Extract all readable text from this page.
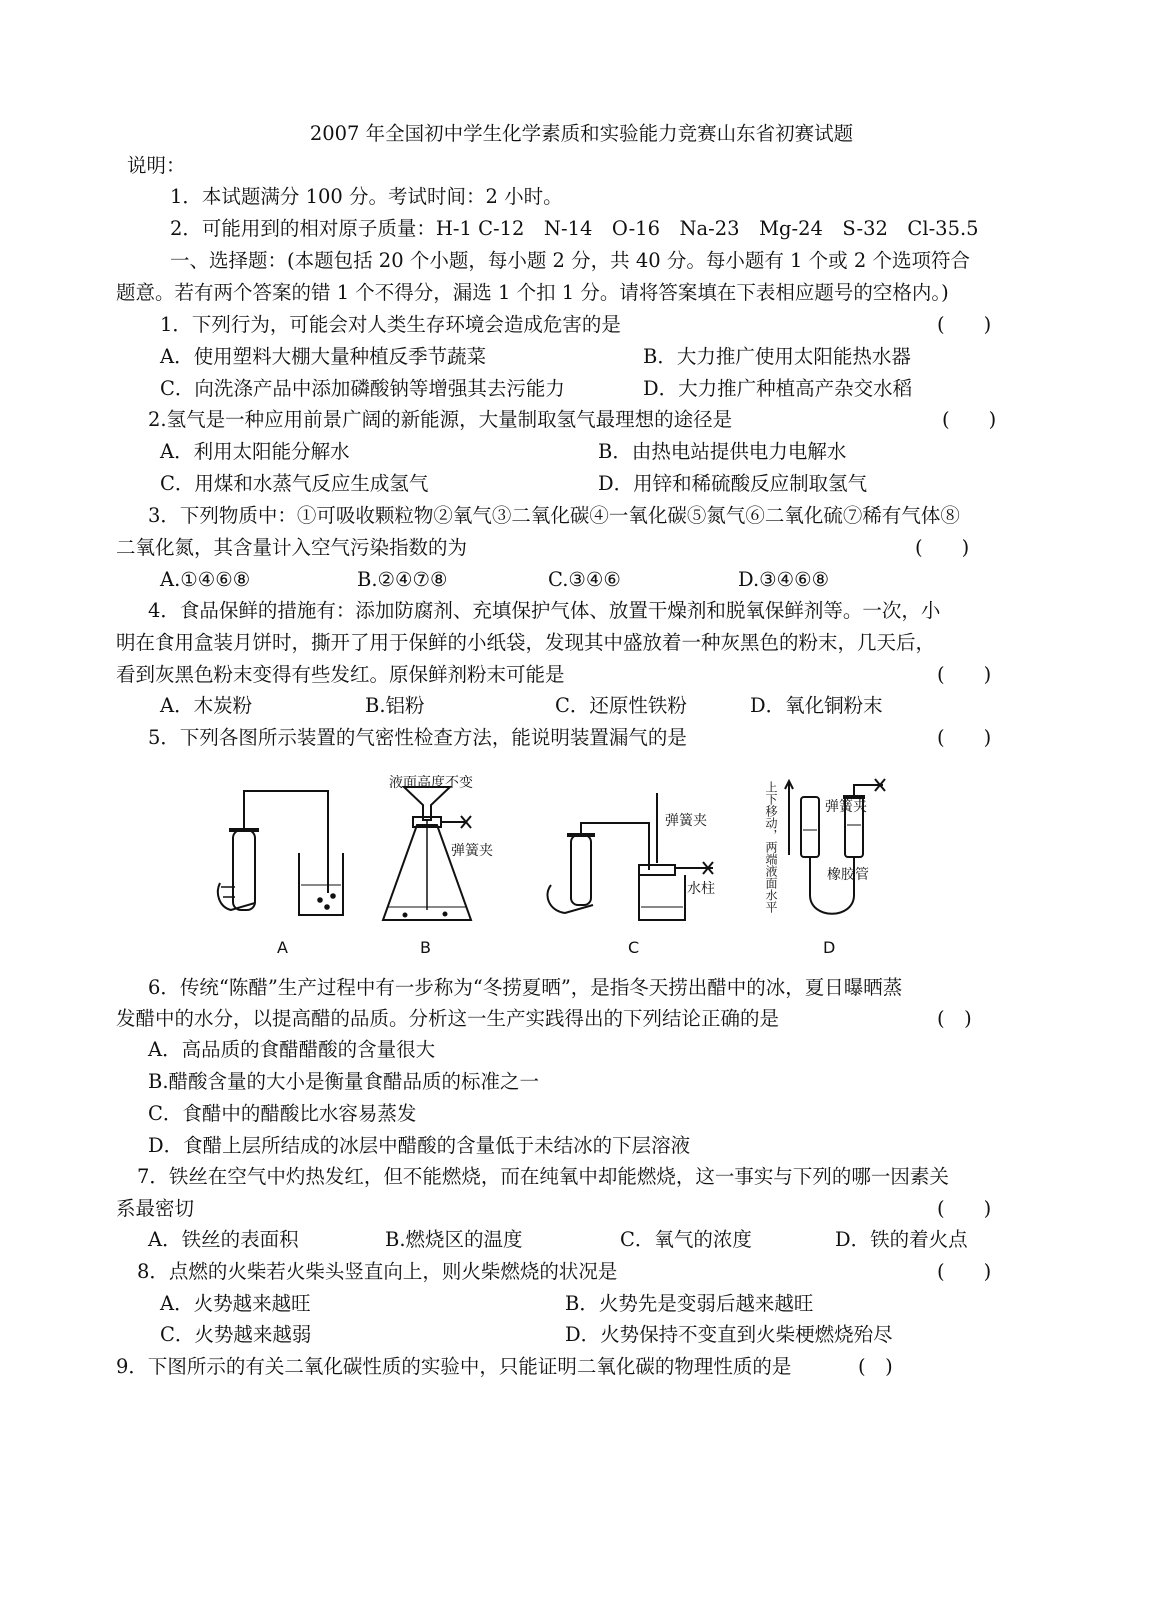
2007 年全国初中学生化学素质和实验能力竞赛山东省初赛试题
说明：
1．本试题满分 100 分。考试时间：2 小时。
2．可能用到的相对原子质量：H-1 C-12　N-14　O-16　Na-23　Mg-24　S-32　Cl-35.5
一、选择题：(本题包括 20 个小题，每小题 2 分，共 40 分。每小题有 1 个或 2 个选项符合
题意。若有两个答案的错 1 个不得分，漏选 1 个扣 1 分。请将答案填在下表相应题号的空格内。)
1．下列行为，可能会对人类生存环境会造成危害的是	(　　)
A．使用塑料大棚大量种植反季节蔬菜	B．大力推广使用太阳能热水器
C．向洗涤产品中添加磷酸钠等增强其去污能力	D．大力推广种植高产杂交水稻
2.氢气是一种应用前景广阔的新能源，大量制取氢气最理想的途径是	(　　)
A．利用太阳能分解水	B．由热电站提供电力电解水
C．用煤和水蒸气反应生成氢气	D．用锌和稀硫酸反应制取氢气
3．下列物质中：①可吸收颗粒物②氧气③二氧化碳④一氧化碳⑤氮气⑥二氧化硫⑦稀有气体⑧
二氧化氮，其含量计入空气污染指数的为	(　　)
A.①④⑥⑧	B.②④⑦⑧	C.③④⑥	D.③④⑥⑧
4．食品保鲜的措施有：添加防腐剂、充填保护气体、放置干燥剂和脱氧保鲜剂等。一次，小
明在食用盒装月饼时，撕开了用于保鲜的小纸袋，发现其中盛放着一种灰黑色的粉末，几天后，
看到灰黑色粉末变得有些发红。原保鲜剂粉末可能是	(　　)
A．木炭粉	B.铝粉	C．还原性铁粉	D．氧化铜粉末
5．下列各图所示装置的气密性检查方法，能说明装置漏气的是	(　　)
A	B	C	D
液面高度不变
弹簧夹
弹簧夹
水柱
弹簧夹
橡胶管
上下移动，两端液面水平
6．传统“陈醋”生产过程中有一步称为“冬捞夏晒”，是指冬天捞出醋中的冰，夏日曝晒蒸
发醋中的水分，以提高醋的品质。分析这一生产实践得出的下列结论正确的是	(　)
A．高品质的食醋醋酸的含量很大
B.醋酸含量的大小是衡量食醋品质的标准之一
C．食醋中的醋酸比水容易蒸发
D．食醋上层所结成的冰层中醋酸的含量低于未结冰的下层溶液
7．铁丝在空气中灼热发红，但不能燃烧，而在纯氧中却能燃烧，这一事实与下列的哪一因素关
系最密切	(　　)
A．铁丝的表面积	B.燃烧区的温度	C．氧气的浓度	D．铁的着火点
8．点燃的火柴若火柴头竖直向上，则火柴燃烧的状况是	(　　)
A．火势越来越旺	B．火势先是变弱后越来越旺
C．火势越来越弱	D．火势保持不变直到火柴梗燃烧殆尽
9．下图所示的有关二氧化碳性质的实验中，只能证明二氧化碳的物理性质的是	(　)
